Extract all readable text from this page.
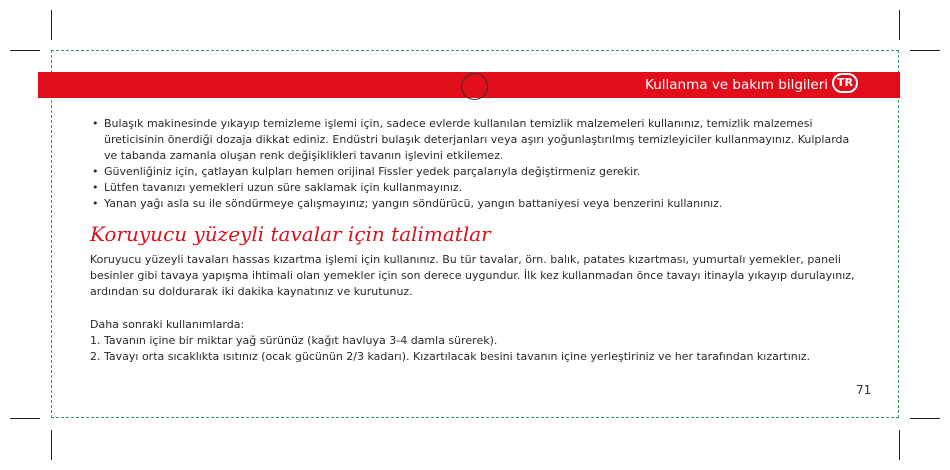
Kullanma ve bakım bilgileri TR
• Bulaşık makinesinde yıkayıp temizleme işlemi için, sadece evlerde kullanılan temizlik malzemeleri kullanınız, temizlik malzemesi üreticisinin önerdiği dozaja dikkat ediniz. Endüstri bulaşık deterjanları veya aşırı yoğunlaştırılmış temizleyiciler kullanmayınız. Kulplarda ve tabanda zamanla oluşan renk değişiklikleri tavanın işlevini etkilemez.
• Güvenliğiniz için, çatlayan kulpları hemen orijinal Fissler yedek parçalarıyla değiştirmeniz gerekir.
• Lütfen tavanızı yemekleri uzun süre saklamak için kullanmayınız.
• Yanan yağı asla su ile söndürmeye çalışmayınız; yangın söndürücü, yangın battaniyesi veya benzerini kullanınız.
Koruyucu yüzeyli tavalar için talimatlar

Koruyucu yüzeyli tavaları hassas kızartma işlemi için kullanınız. Bu tür tavalar, örn. balık, patates kızartması, yumurtalı yemekler, paneli besinler gibi tavaya yapışma ihtimali olan yemekler için son derece uygundur. İlk kez kullanmadan önce tavayı itinayla yıkayıp durulayınız, ardından su doldurarak iki dakika kaynatınız ve kurutunuz.

Daha sonraki kullanımlarda:

1. Tavanın içine bir miktar yağ sürünüz (kağıt havluya 3-4 damla sürerek).

2. Tavayı orta sıcaklıkta ısıtınız (ocak gücünün 2/3 kadarı). Kızartılacak besini tavanın içine yerleştiriniz ve her tarafından kızartınız.

71
